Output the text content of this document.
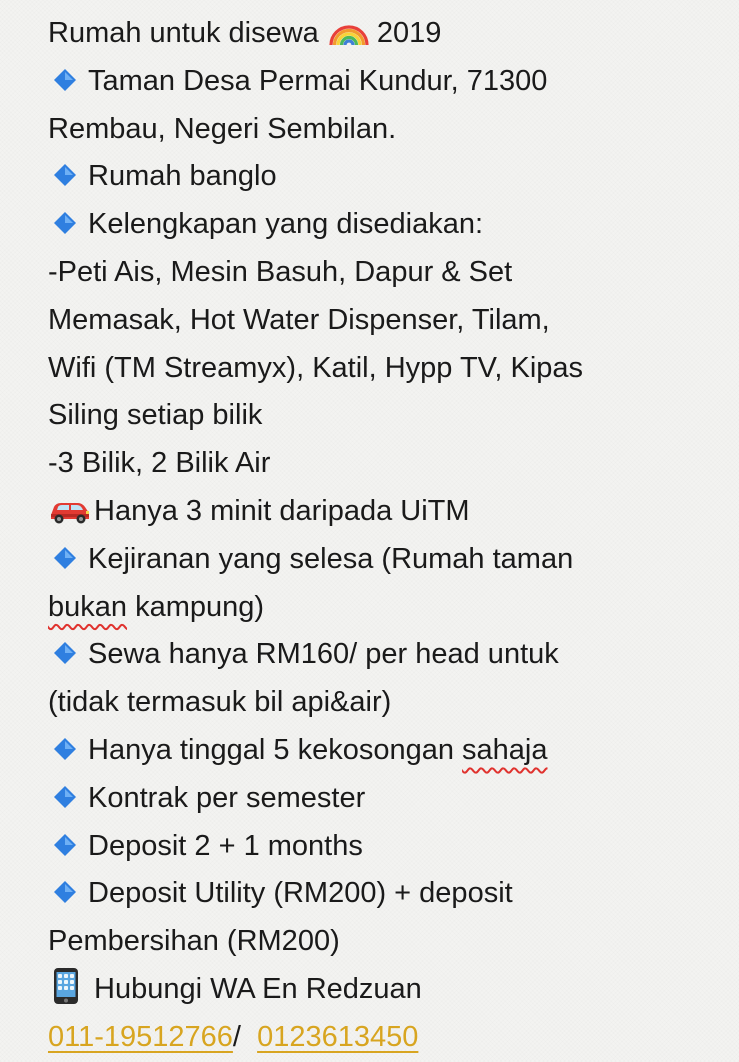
Rumah untuk disewa 2019
Taman Desa Permai Kundur, 71300
Rembau, Negeri Sembilan.
Rumah banglo
Kelengkapan yang disediakan:
-Peti Ais, Mesin Basuh, Dapur & Set
Memasak, Hot Water Dispenser, Tilam,
Wifi (TM Streamyx), Katil, Hypp TV, Kipas
Siling setiap bilik
-3 Bilik, 2 Bilik Air
Hanya 3 minit daripada UiTM
Kejiranan yang selesa (Rumah taman
bukan kampung)
Sewa hanya RM160/ per head untuk
(tidak termasuk bil api&air)
Hanya tinggal 5 kekosongan sahaja
Kontrak per semester
Deposit 2 + 1 months
Deposit Utility (RM200) + deposit
Pembersihan (RM200)
Hubungi WA En Redzuan
011-19512766/  0123613450
